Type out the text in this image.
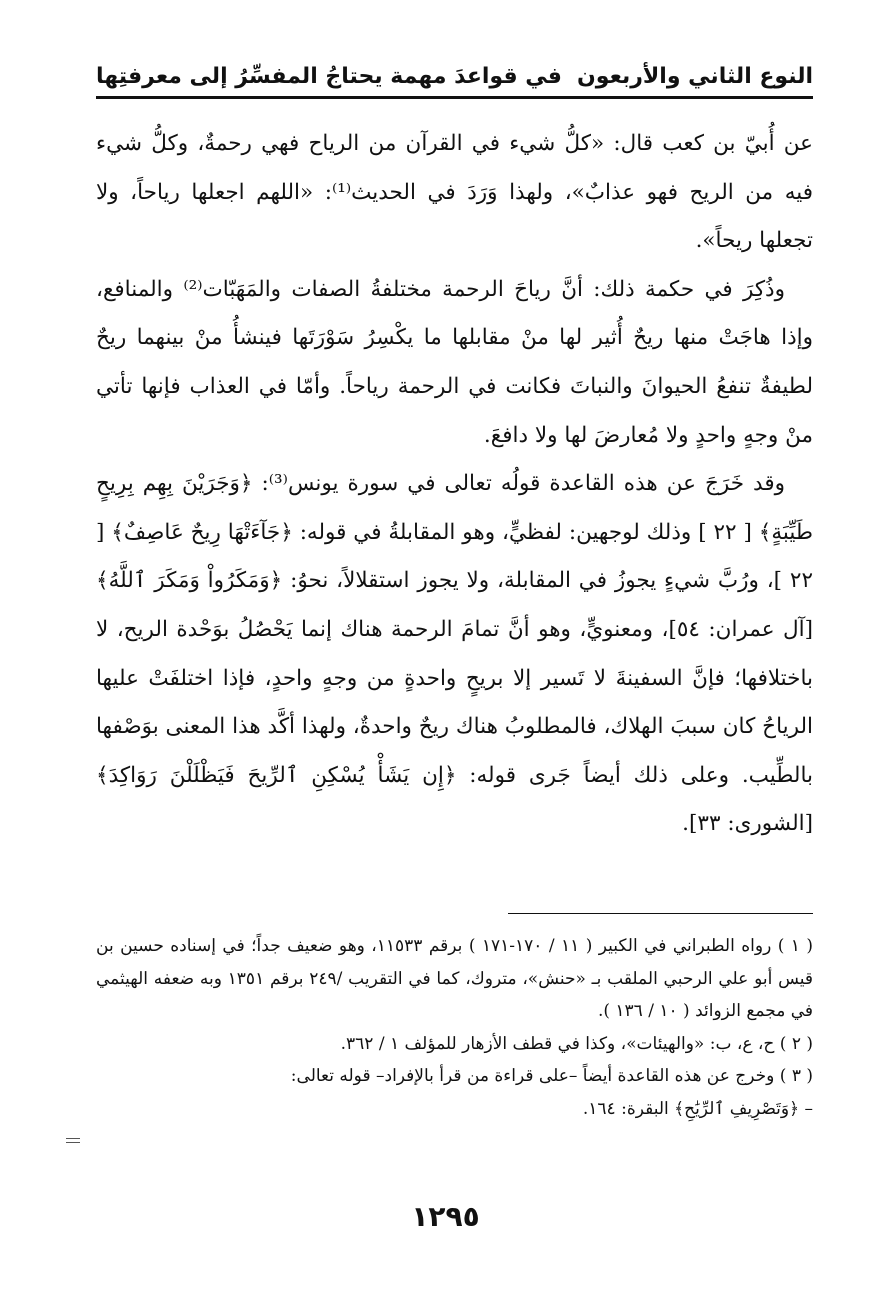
النوع الثاني والأربعون
في قواعدَ مهمة يحتاجُ المفسِّرُ إلى معرفتِها

عن أُبيّ بن كعب قال: «كلُّ شيء في القرآن من الرياح فهي رحمةٌ، وكلُّ شيء فيه من الريح فهو عذابٌ»، ولهذا وَرَدَ في الحديث⁽¹⁾: «اللهم اجعلها رياحاً، ولا تجعلها ريحاً».

وذُكِرَ في حكمة ذلك: أنَّ رياحَ الرحمة مختلفةُ الصفات والمَهَبّات⁽²⁾ والمنافع، وإذا هاجَتْ منها ريحٌ أُثير لها منْ مقابلها ما يكْسِرُ سَوْرَتَها فينشأُ منْ بينهما ريحٌ لطيفةٌ تنفعُ الحيوانَ والنباتَ فكانت في الرحمة رياحاً. وأمّا في العذاب فإنها تأتي منْ وجهٍ واحدٍ ولا مُعارضَ لها ولا دافعَ.

وقد خَرَجَ عن هذه القاعدة قولُه تعالى في سورة يونس⁽³⁾: ﴿وَجَرَيْنَ بِهِم بِرِيحٍ طَيِّبَةٍ﴾ [ ٢٢ ] وذلك لوجهين: لفظيٍّ، وهو المقابلةُ في قوله: ﴿جَآءَتْهَا رِيحٌ عَاصِفٌ﴾ [ ٢٢ ]، ورُبَّ شيءٍ يجوزُ في المقابلة، ولا يجوز استقلالاً، نحوُ: ﴿وَمَكَرُواْ وَمَكَرَ ٱللَّهُ﴾ [آل عمران: ٥٤]، ومعنويٍّ، وهو أنَّ تمامَ الرحمة هناك إنما يَحْصُلُ بوَحْدة الريح، لا باختلافها؛ فإنَّ السفينةَ لا تَسير إلا بريحٍ واحدةٍ من وجهٍ واحدٍ، فإذا اختلفَتْ عليها الرياحُ كان سببَ الهلاك، فالمطلوبُ هناك ريحٌ واحدةٌ، ولهذا أكَّد هذا المعنى بوَصْفها بالطِّيب. وعلى ذلك أيضاً جَرى قوله: ﴿إِن يَشَأْ يُسْكِنِ ٱلرِّيحَ فَيَظْلَلْنَ رَوَاكِدَ﴾ [الشورى: ٣٣].

( ١ ) رواه الطبراني في الكبير ( ١١ / ١٧٠-١٧١ ) برقم ١١٥٣٣، وهو ضعيف جداً؛ في إسناده حسين بن قيس أبو علي الرحبي الملقب بـ «حنش»، متروك، كما في التقريب /٢٤٩ برقم ١٣٥١ وبه ضعفه الهيثمي في مجمع الزوائد ( ١٠ / ١٣٦ ).

( ٢ ) ح، ع، ب: «والهيئات»، وكذا في قطف الأزهار للمؤلف ١ / ٣٦٢.

( ٣ ) وخرج عن هذه القاعدة أيضاً –على قراءة من قرأ بالإفراد– قوله تعالى:

– ﴿وَتَصْرِيفِ ٱلرِّيَٰحِ﴾ البقرة: ١٦٤.

١٢٩٥
